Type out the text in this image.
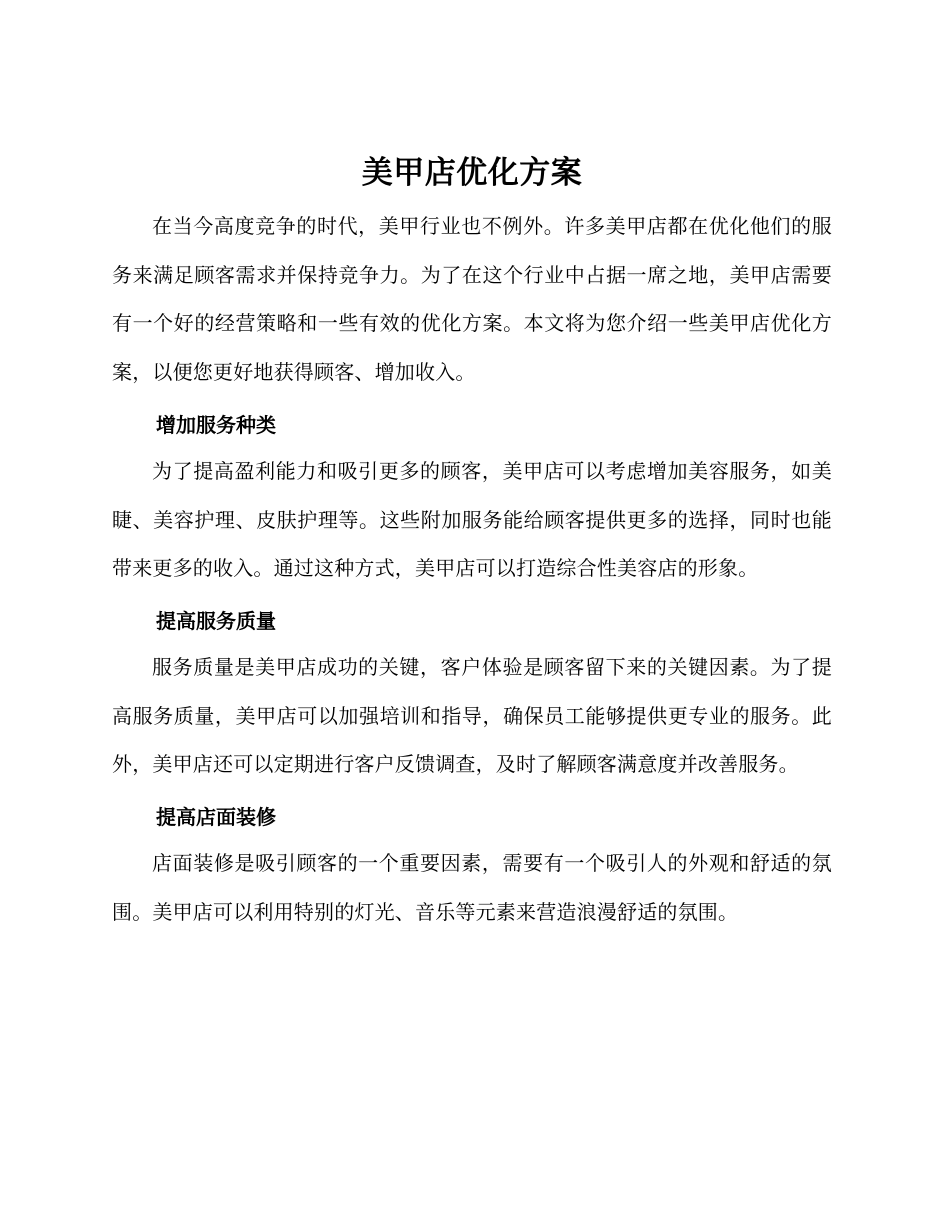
美甲店优化方案

在当今高度竞争的时代，美甲行业也不例外。许多美甲店都在优化他们的服务来满足顾客需求并保持竞争力。为了在这个行业中占据一席之地，美甲店需要有一个好的经营策略和一些有效的优化方案。本文将为您介绍一些美甲店优化方案，以便您更好地获得顾客、增加收入。

增加服务种类

为了提高盈利能力和吸引更多的顾客，美甲店可以考虑增加美容服务，如美睫、美容护理、皮肤护理等。这些附加服务能给顾客提供更多的选择，同时也能带来更多的收入。通过这种方式，美甲店可以打造综合性美容店的形象。

提高服务质量

服务质量是美甲店成功的关键，客户体验是顾客留下来的关键因素。为了提高服务质量，美甲店可以加强培训和指导，确保员工能够提供更专业的服务。此外，美甲店还可以定期进行客户反馈调查，及时了解顾客满意度并改善服务。

提高店面装修

店面装修是吸引顾客的一个重要因素，需要有一个吸引人的外观和舒适的氛围。美甲店可以利用特别的灯光、音乐等元素来营造浪漫舒适的氛围。
